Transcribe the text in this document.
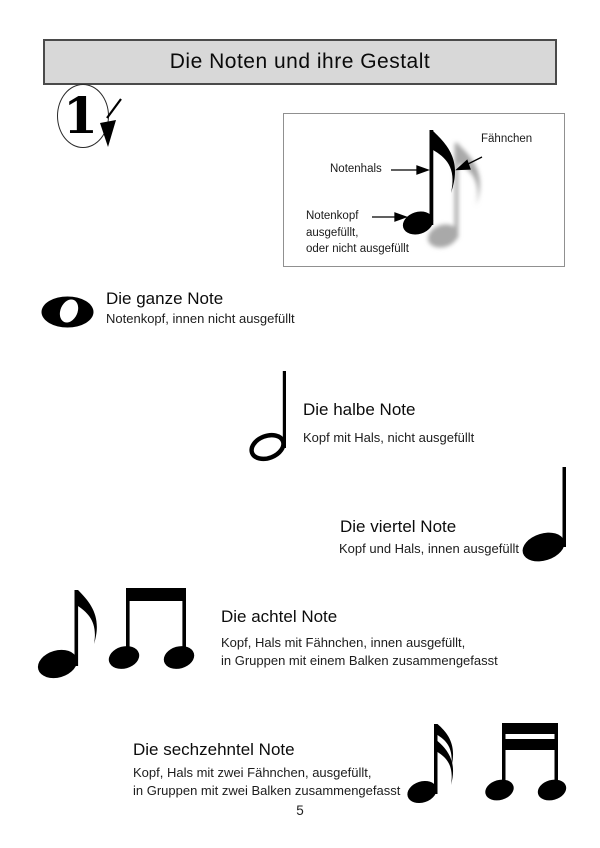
Die Noten und ihre Gestalt
1	Fähnchen
Notenhals
Notenkopf
ausgefüllt,
oder nicht ausgefüllt
Die ganze Note
Notenkopf, innen nicht ausgefüllt
Die halbe Note
Kopf mit Hals, nicht ausgefüllt
Die viertel Note
Kopf und Hals, innen ausgefüllt
Die achtel Note
Kopf, Hals mit Fähnchen, innen ausgefüllt,
in Gruppen mit einem Balken zusammengefasst
Die sechzehntel Note
Kopf, Hals mit zwei Fähnchen, ausgefüllt,
in Gruppen mit zwei Balken zusammengefasst
5
